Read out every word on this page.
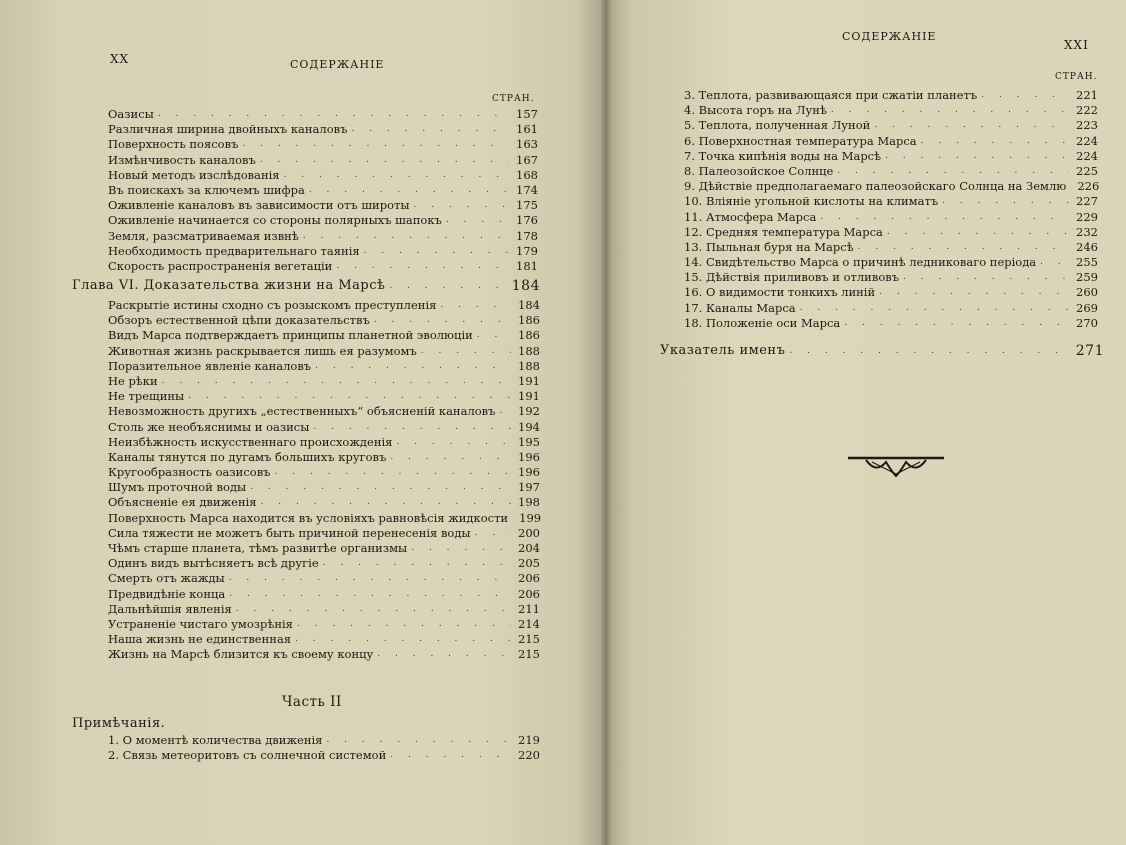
XX	СОДЕРЖАНІЕ
СТРАН.
Оазисы . . .	157
Различная ширина двойныхъ каналовъ . . .	161
Поверхность поясовъ . . .	163
Измѣнчивость каналовъ . . .	167
Новый методъ изслѣдованія . . .	168
Въ поискахъ за ключемъ шифра . . .	174
Оживленіе каналовъ въ зависимости отъ широты . . .	175
Оживленіе начинается со стороны полярныхъ шапокъ . . .	176
Земля, разсматриваемая извнѣ . . .	178
Необходимость предварительнаго таянія . . .	179
Скорость распространенія вегетаціи . . .	181
Глава VI. Доказательства жизни на Марсѣ . . .	184
Раскрытіе истины сходно съ розыскомъ преступленія . . .	184
Обзоръ естественной цѣпи доказательствъ . . .	186
Видъ Марса подтверждаетъ принципы планетной эволюціи . . .	186
Животная жизнь раскрывается лишь ея разумомъ . . .	188
Поразительное явленіе каналовъ . . .	188
Не рѣки . . .	191
Не трещины . . .	191
Невозможность другихъ „естественныхъ“ объясненій каналовъ . . .	192
Столь же необъяснимы и оазисы . . .	194
Неизбѣжность искусственнаго происхожденія . . .	195
Каналы тянутся по дугамъ большихъ круговъ . . .	196
Кругообразность оазисовъ . . .	196
Шумъ проточной воды . . .	197
Объясненіе ея движенія . . .	198
Поверхность Марса находится въ условіяхъ равновѣсія жидкости 199
Сила тяжести не можетъ быть причиной перенесенія воды . . .	200
Чѣмъ старше планета, тѣмъ развитѣе организмы . . .	204
Одинъ видъ вытѣсняетъ всѣ другіе . . .	205
Смерть отъ жажды . . .	206
Предвидѣніе конца . . .	206
Дальнѣйшія явленія . . .	211
Устраненіе чистаго умозрѣнія . . .	214
Наша жизнь не единственная . . .	215
Жизнь на Марсѣ близится къ своему концу . . .	215
Часть II
Примѣчанія.
1. О моментѣ количества движенія . . .	219
2. Связь метеоритовъ съ солнечной системой . . .	220
СОДЕРЖАНІЕ
XXI
СТРАН.
3. Теплота, развивающаяся при сжатіи планетъ . . .	221
4. Высота горъ на Лунѣ . . .	222
5. Теплота, полученная Луной . . .	223
6. Поверхностная температура Марса . . .	224
7. Точка кипѣнія воды на Марсѣ . . .	224
8. Палеозойское Солнце . . .	225
9. Дѣйствіе предполагаемаго палеозойскаго Солнца на Землю 226
10. Вліяніе угольной кислоты на климатъ . . .	227
11. Атмосфера Марса . . .	229
12. Средняя температура Марса . . .	232
13. Пыльная буря на Марсѣ . . .	246
14. Свидѣтельство Марса о причинѣ ледниковаго періода . . .	255
15. Дѣйствія приливовъ и отливовъ . . .	259
16. О видимости тонкихъ линій . . .	260
17. Каналы Марса . . .	269
18. Положеніе оси Марса . . .	270
Указатель именъ . . .	271
